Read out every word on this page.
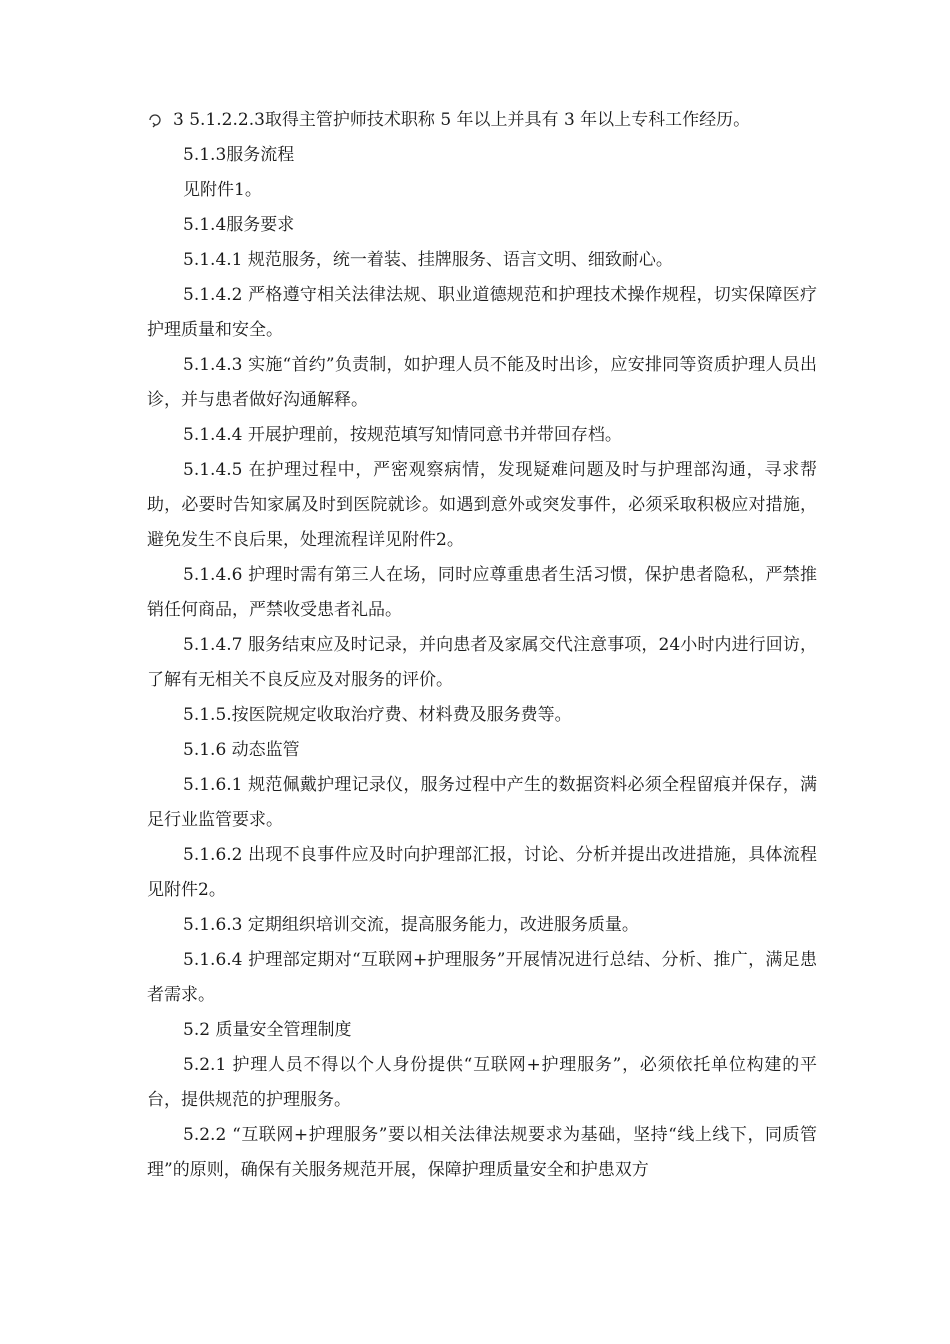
3 5.1.2.2.3取得主管护师技术职称 5 年以上并具有 3 年以上专科工作经历。

5.1.3服务流程

见附件1。

5.1.4服务要求

5.1.4.1 规范服务，统一着装、挂牌服务、语言文明、细致耐心。

5.1.4.2 严格遵守相关法律法规、职业道德规范和护理技术操作规程，切实保障医疗护理质量和安全。

5.1.4.3 实施“首约”负责制，如护理人员不能及时出诊，应安排同等资质护理人员出诊，并与患者做好沟通解释。

5.1.4.4 开展护理前，按规范填写知情同意书并带回存档。

5.1.4.5 在护理过程中，严密观察病情，发现疑难问题及时与护理部沟通，寻求帮助，必要时告知家属及时到医院就诊。如遇到意外或突发事件，必须采取积极应对措施，避免发生不良后果，处理流程详见附件2。

5.1.4.6 护理时需有第三人在场，同时应尊重患者生活习惯，保护患者隐私，严禁推销任何商品，严禁收受患者礼品。

5.1.4.7 服务结束应及时记录，并向患者及家属交代注意事项，24小时内进行回访，了解有无相关不良反应及对服务的评价。

5.1.5.按医院规定收取治疗费、材料费及服务费等。

5.1.6 动态监管

5.1.6.1 规范佩戴护理记录仪，服务过程中产生的数据资料必须全程留痕并保存，满足行业监管要求。

5.1.6.2 出现不良事件应及时向护理部汇报，讨论、分析并提出改进措施，具体流程见附件2。

5.1.6.3 定期组织培训交流，提高服务能力，改进服务质量。

5.1.6.4 护理部定期对“互联网+护理服务”开展情况进行总结、分析、推广，满足患者需求。

5.2 质量安全管理制度

5.2.1 护理人员不得以个人身份提供“互联网+护理服务”，必须依托单位构建的平台，提供规范的护理服务。

5.2.2 “互联网+护理服务”要以相关法律法规要求为基础，坚持“线上线下，同质管理”的原则，确保有关服务规范开展，保障护理质量安全和护患双方
